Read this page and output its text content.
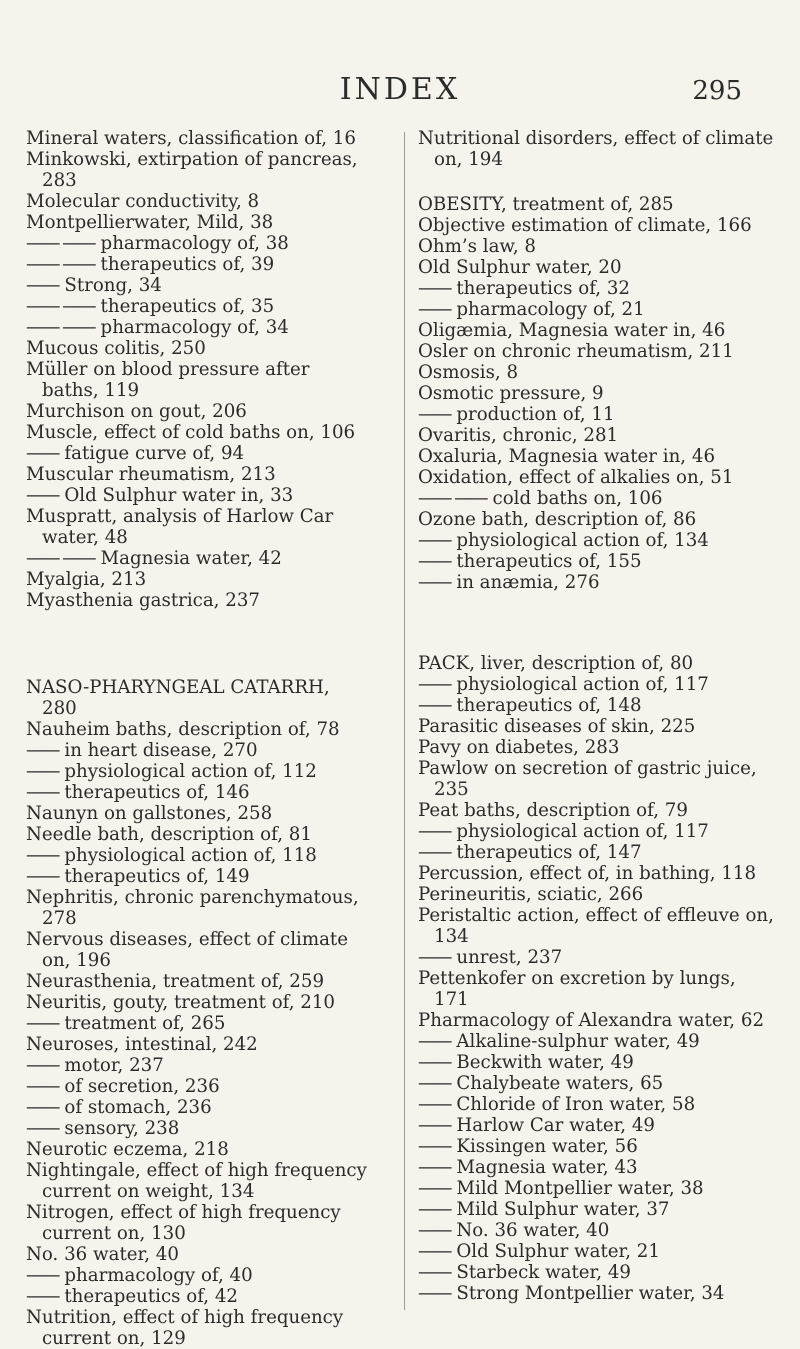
INDEX	295
Mineral waters, classification of, 16
Minkowski, extirpation of pancreas, 283
Molecular conductivity, 8
Montpellierwater, Mild, 38
—— —— pharmacology of, 38
—— —— therapeutics of, 39
—— Strong, 34
—— —— therapeutics of, 35
—— —— pharmacology of, 34
Mucous colitis, 250
Müller on blood pressure after baths, 119
Murchison on gout, 206
Muscle, effect of cold baths on, 106
—— fatigue curve of, 94
Muscular rheumatism, 213
—— Old Sulphur water in, 33
Muspratt, analysis of Harlow Car water, 48
—— —— Magnesia water, 42
Myalgia, 213
Myasthenia gastrica, 237
NASO-PHARYNGEAL CATARRH, 280
Nauheim baths, description of, 78
—— in heart disease, 270
—— physiological action of, 112
—— therapeutics of, 146
Naunyn on gallstones, 258
Needle bath, description of, 81
—— physiological action of, 118
—— therapeutics of, 149
Nephritis, chronic parenchymatous, 278
Nervous diseases, effect of climate on, 196
Neurasthenia, treatment of, 259
Neuritis, gouty, treatment of, 210
—— treatment of, 265
Neuroses, intestinal, 242
—— motor, 237
—— of secretion, 236
—— of stomach, 236
—— sensory, 238
Neurotic eczema, 218
Nightingale, effect of high frequency current on weight, 134
Nitrogen, effect of high frequency current on, 130
No. 36 water, 40
—— pharmacology of, 40
—— therapeutics of, 42
Nutrition, effect of high frequency current on, 129
Nutritional disorders, effect of climate on, 194
OBESITY, treatment of, 285
Objective estimation of climate, 166
Ohm’s law, 8
Old Sulphur water, 20
—— therapeutics of, 32
—— pharmacology of, 21
Oligæmia, Magnesia water in, 46
Osler on chronic rheumatism, 211
Osmosis, 8
Osmotic pressure, 9
—— production of, 11
Ovaritis, chronic, 281
Oxaluria, Magnesia water in, 46
Oxidation, effect of alkalies on, 51
—— —— cold baths on, 106
Ozone bath, description of, 86
—— physiological action of, 134
—— therapeutics of, 155
—— in anæmia, 276
PACK, liver, description of, 80
—— physiological action of, 117
—— therapeutics of, 148
Parasitic diseases of skin, 225
Pavy on diabetes, 283
Pawlow on secretion of gastric juice, 235
Peat baths, description of, 79
—— physiological action of, 117
—— therapeutics of, 147
Percussion, effect of, in bathing, 118
Perineuritis, sciatic, 266
Peristaltic action, effect of effleuve on, 134
—— unrest, 237
Pettenkofer on excretion by lungs, 171
Pharmacology of Alexandra water, 62
—— Alkaline-sulphur water, 49
—— Beckwith water, 49
—— Chalybeate waters, 65
—— Chloride of Iron water, 58
—— Harlow Car water, 49
—— Kissingen water, 56
—— Magnesia water, 43
—— Mild Montpellier water, 38
—— Mild Sulphur water, 37
—— No. 36 water, 40
—— Old Sulphur water, 21
—— Starbeck water, 49
—— Strong Montpellier water, 34
